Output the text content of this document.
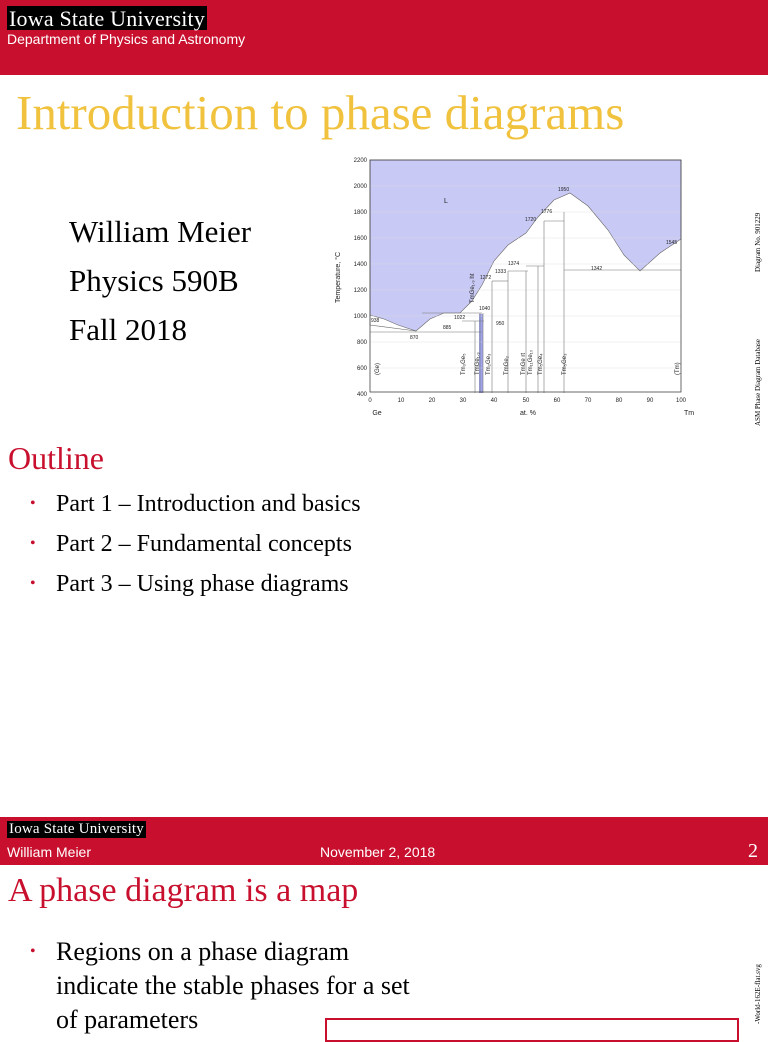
Iowa State University
Department of Physics and Astronomy
Introduction to phase diagrams
William Meier
Physics 590B
Fall 2018
2200
2000
1800
1600
1400
1200
1000
800
600
400
0	10	20	30	40	50	60	70	80	90	100
Temperature, °C
at. %
Ge	Tm
L
938
870
885
1022
1040
950
1272
1333
1374
1720
1776
1950
1342
1545
(Ge)	Tm₃Ge₅ TmGe₁.₉ Tm₂Ge₃ TmGe₂ TmGe rt Tm₁₁Ge₁₀ Tm₅Ge₄	Tm₅Ge₃	(Tm)
TmGe₁.₉ ht
Diagram No. 901229
ASM Phase Diagram Database
Outline
• Part 1 – Introduction and basics
• Part 2 – Fundamental concepts
• Part 3 – Using phase diagrams
Iowa State University
William Meier	November 2, 2018	2
A phase diagram is a map
• Regions on a phase diagram indicate the stable phases for a set of parameters	-World-162E-flat.svg
